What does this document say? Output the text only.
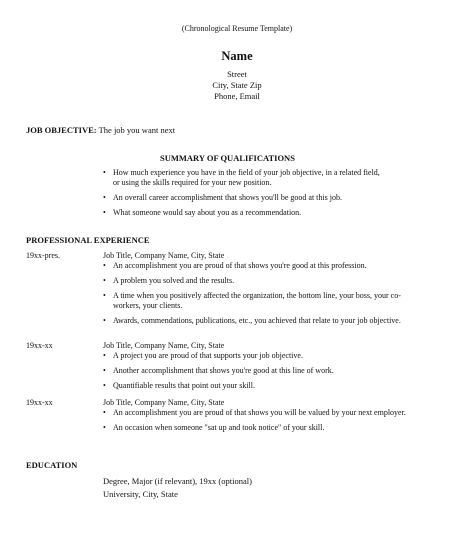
(Chronological Resume Template)
Name
Street
City, State Zip
Phone, Email
JOB OBJECTIVE: The job you want next
SUMMARY OF QUALIFICATIONS
• How much experience you have in the field of your job objective, in a related field, or using the skills required for your new position.
• An overall career accomplishment that shows you'll be good at this job.
• What someone would say about you as a recommendation.
PROFESSIONAL EXPERIENCE
19xx-pres.	Job Title, Company Name, City, State
• An accomplishment you are proud of that shows you're good at this profession.
• A problem you solved and the results.
• A time when you positively affected the organization, the bottom line, your boss, your co-workers, your clients.
• Awards, commendations, publications, etc., you achieved that relate to your job objective.
19xx-xx	Job Title, Company Name, City, State
• A project you are proud of that supports your job objective.
• Another accomplishment that shows you're good at this line of work.
• Quantifiable results that point out your skill.
19xx-xx	Job Title, Company Name, City, State
• An accomplishment you are proud of that shows you will be valued by your next employer.
• An occasion when someone "sat up and took notice" of your skill.
EDUCATION
Degree, Major (if relevant), 19xx (optional)
University, City, State
